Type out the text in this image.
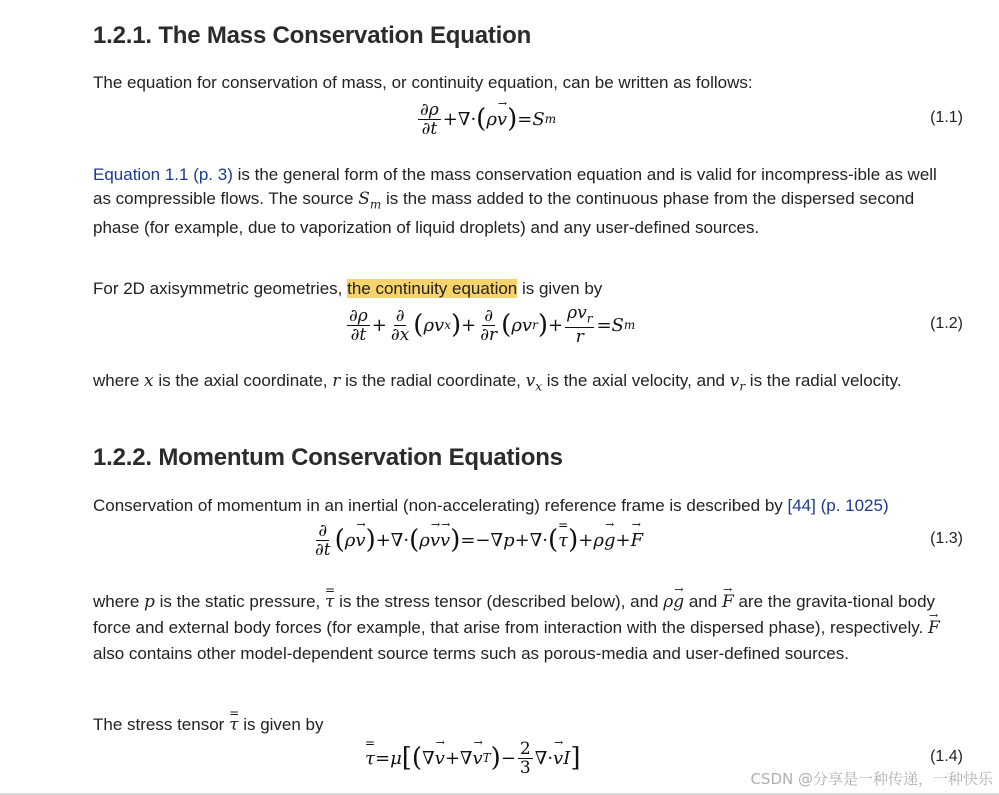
1.2.1. The Mass Conservation Equation

The equation for conservation of mass, or continuity equation, can be written as follows:

$\frac{\partial\rho}{\partial t}$ +∇· ( ρ → v ) = S m	(1.1)

Equation 1.1 (p. 3) is the general form of the mass conservation equation and is valid for incompress-ible as well as compressible flows. The source $S_m$ is the mass added to the continuous phase from the dispersed second phase (for example, due to vaporization of liquid droplets) and any user-defined sources.

For 2D axisymmetric geometries, the continuity equation is given by

$\frac{\partial\rho}{\partial t} + \frac{\partial}{\partial x}$ ( ρv x ) + $\frac{\partial}{\partial r}$ ( ρv r ) + $\frac{\rho v_r}{r} = S$ m	(1.2)

where x is the axial coordinate, r is the radial coordinate, $v_x$ is the axial velocity, and $v_r$ is the radial velocity.

1.2.2. Momentum Conservation Equations

Conservation of momentum in an inertial (non-accelerating) reference frame is described by [44] (p. 1025)

$\frac{\partial}{\partial t}$ ( ρ → v ) +∇· ( ρ → v → v ) =−∇ p +∇· ( = τ ) + ρ → g + → F	(1.3)

where p is the static pressure, = τ is the stress tensor (described below), and ρ→ g and → F are the gravita-tional body force and external body forces (for example, that arise from interaction with the dispersed phase), respectively. → F also contains other model-dependent source terms such as porous-media and user-defined sources.

The stress tensor = τ is given by

= τ = μ [ ( ∇ → v +∇ → v T ) − $\frac{2}{3}$ ∇· → v I ]	(1.4)
CSDN @分享是一种传递，一种快乐
